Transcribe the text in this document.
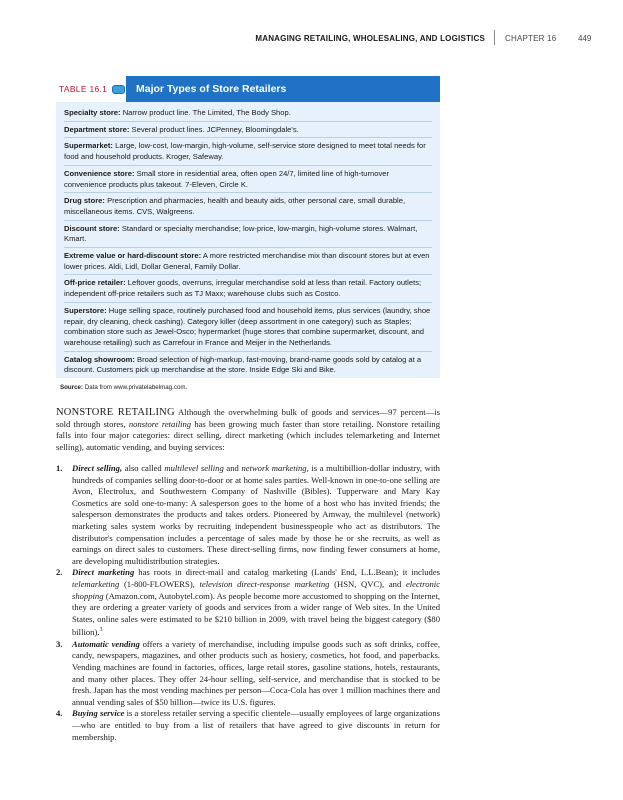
MANAGING RETAILING, WHOLESALING, AND LOGISTICS	CHAPTER 16	449
TABLE 16.1	Major Types of Store Retailers
Specialty store: Narrow product line. The Limited, The Body Shop.
Department store: Several product lines. JCPenney, Bloomingdale's.
Supermarket: Large, low-cost, low-margin, high-volume, self-service store designed to meet total needs for food and household products. Kroger, Safeway.
Convenience store: Small store in residential area, often open 24/7, limited line of high-turnover convenience products plus takeout. 7-Eleven, Circle K.
Drug store: Prescription and pharmacies, health and beauty aids, other personal care, small durable, miscellaneous items. CVS, Walgreens.
Discount store: Standard or specialty merchandise; low-price, low-margin, high-volume stores. Walmart, Kmart.
Extreme value or hard-discount store: A more restricted merchandise mix than discount stores but at even lower prices. Aldi, Lidl, Dollar General, Family Dollar.
Off-price retailer: Leftover goods, overruns, irregular merchandise sold at less than retail. Factory outlets; independent off-price retailers such as TJ Maxx; warehouse clubs such as Costco.
Superstore: Huge selling space, routinely purchased food and household items, plus services (laundry, shoe repair, dry cleaning, check cashing). Category killer (deep assortment in one category) such as Staples; combination store such as Jewel-Osco; hypermarket (huge stores that combine supermarket, discount, and warehouse retailing) such as Carrefour in France and Meijer in the Netherlands.
Catalog showroom: Broad selection of high-markup, fast-moving, brand-name goods sold by catalog at a discount. Customers pick up merchandise at the store. Inside Edge Ski and Bike.
Source: Data from www.privatelabelmag.com.
NONSTORE RETAILING Although the overwhelming bulk of goods and services—97 percent—is sold through stores, nonstore retailing has been growing much faster than store retailing. Nonstore retailing falls into four major categories: direct selling, direct marketing (which includes telemarketing and Internet selling), automatic vending, and buying services:
1. Direct selling, also called multilevel selling and network marketing, is a multibillion-dollar industry, with hundreds of companies selling door-to-door or at home sales parties. Well-known in one-to-one selling are Avon, Electrolux, and Southwestern Company of Nashville (Bibles). Tupperware and Mary Kay Cosmetics are sold one-to-many: A salesperson goes to the home of a host who has invited friends; the salesperson demonstrates the products and takes orders. Pioneered by Amway, the multilevel (network) marketing sales system works by recruiting independent businesspeople who act as distributors. The distributor's compensation includes a percentage of sales made by those he or she recruits, as well as earnings on direct sales to customers. These direct-selling firms, now finding fewer consumers at home, are developing multidistribution strategies.
2. Direct marketing has roots in direct-mail and catalog marketing (Lands' End, L.L.Bean); it includes telemarketing (1-800-FLOWERS), television direct-response marketing (HSN, QVC), and electronic shopping (Amazon.com, Autobytel.com). As people become more accustomed to shopping on the Internet, they are ordering a greater variety of goods and services from a wider range of Web sites. In the United States, online sales were estimated to be $210 billion in 2009, with travel being the biggest category ($80 billion).$^3$
3. Automatic vending offers a variety of merchandise, including impulse goods such as soft drinks, coffee, candy, newspapers, magazines, and other products such as hosiery, cosmetics, hot food, and paperbacks. Vending machines are found in factories, offices, large retail stores, gasoline stations, hotels, restaurants, and many other places. They offer 24-hour selling, self-service, and merchandise that is stocked to be fresh. Japan has the most vending machines per person—Coca-Cola has over 1 million machines there and annual vending sales of $50 billion—twice its U.S. figures.
4. Buying service is a storeless retailer serving a specific clientele—usually employees of large organizations—who are entitled to buy from a list of retailers that have agreed to give discounts in return for membership.
